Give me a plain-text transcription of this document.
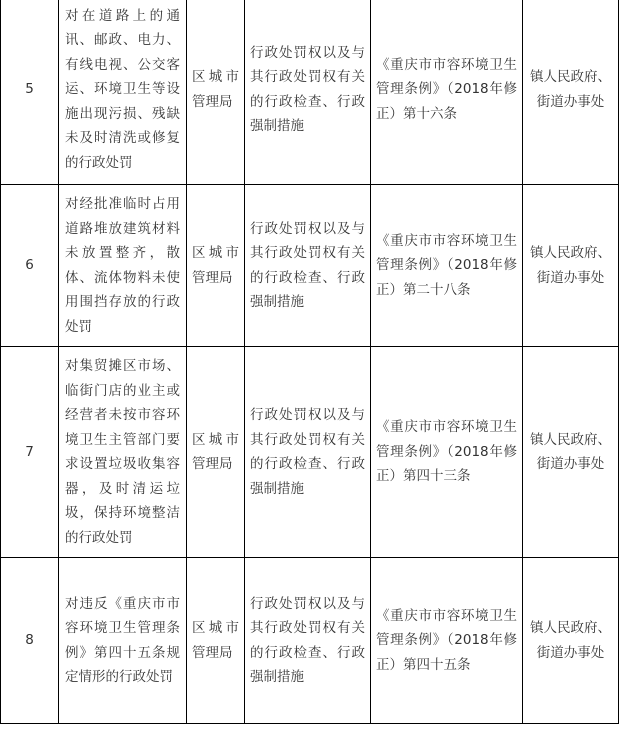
5	对在道路上的通讯、邮政、电力、有线电视、公交客运、环境卫生等设施出现污损、残缺未及时清洗或修复的行政处罚	区城市管理局	行政处罚权以及与其行政处罚权有关的行政检查、行政强制措施	《重庆市市容环境卫生管理条例》（2018年修正）第十六条	镇人民政府、街道办事处
6	对经批准临时占用道路堆放建筑材料未放置整齐，散体、流体物料未使用围挡存放的行政处罚	区城市管理局	行政处罚权以及与其行政处罚权有关的行政检查、行政强制措施	《重庆市市容环境卫生管理条例》（2018年修正）第二十八条	镇人民政府、街道办事处
7	对集贸摊区市场、临街门店的业主或经营者未按市容环境卫生主管部门要求设置垃圾收集容器，及时清运垃圾，保持环境整洁的行政处罚	区城市管理局	行政处罚权以及与其行政处罚权有关的行政检查、行政强制措施	《重庆市市容环境卫生管理条例》（2018年修正）第四十三条	镇人民政府、街道办事处
8	对违反《重庆市市容环境卫生管理条例》第四十五条规定情形的行政处罚	区城市管理局	行政处罚权以及与其行政处罚权有关的行政检查、行政强制措施	《重庆市市容环境卫生管理条例》（2018年修正）第四十五条	镇人民政府、街道办事处
